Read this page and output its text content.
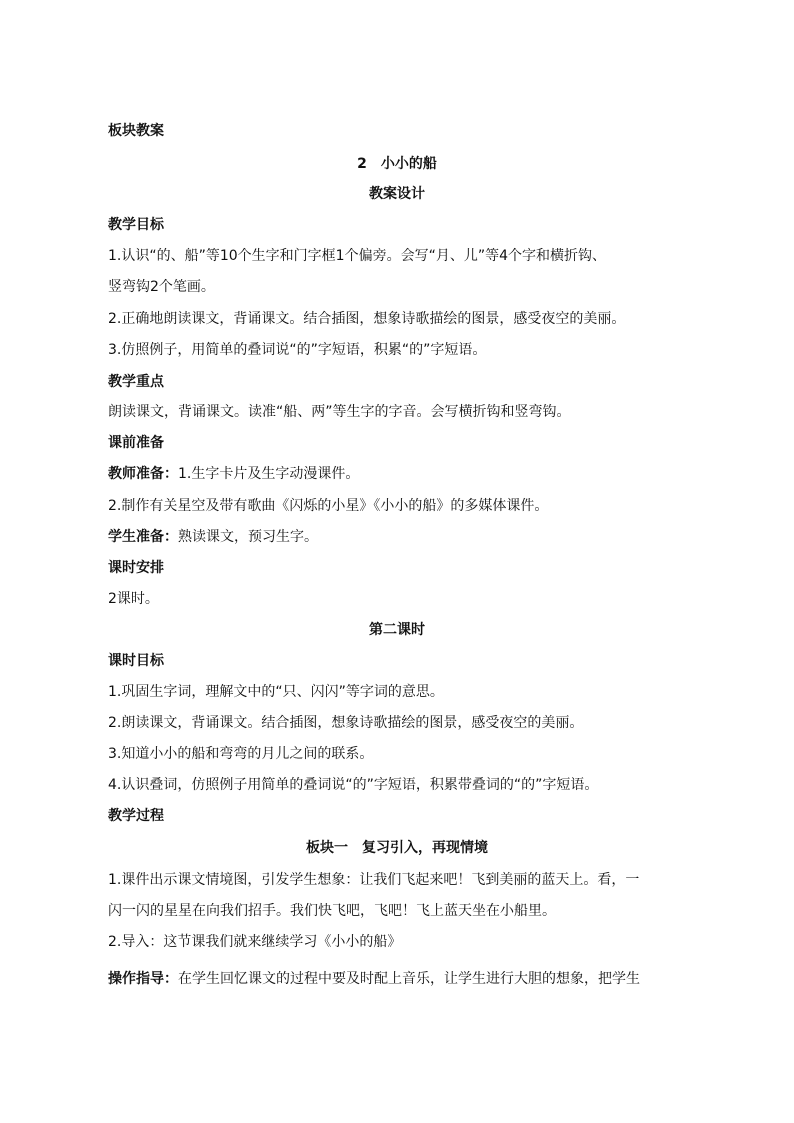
板块教案
2　小小的船
教案设计
教学目标
1.认识“的、船”等10个生字和门字框1个偏旁。会写“月、儿”等4个字和横折钩、
竖弯钩2个笔画。
2.正确地朗读课文，背诵课文。结合插图，想象诗歌描绘的图景，感受夜空的美丽。
3.仿照例子，用简单的叠词说“的”字短语，积累“的”字短语。
教学重点
朗读课文，背诵课文。读准“船、两”等生字的字音。会写横折钩和竖弯钩。
课前准备
教师准备：1.生字卡片及生字动漫课件。
2.制作有关星空及带有歌曲《闪烁的小星》《小小的船》的多媒体课件。
学生准备：熟读课文，预习生字。
课时安排
2课时。
第二课时
课时目标
1.巩固生字词，理解文中的“只、闪闪”等字词的意思。
2.朗读课文，背诵课文。结合插图，想象诗歌描绘的图景，感受夜空的美丽。
3.知道小小的船和弯弯的月儿之间的联系。
4.认识叠词，仿照例子用简单的叠词说“的”字短语，积累带叠词的“的”字短语。
教学过程
板块一　复习引入，再现情境
1.课件出示课文情境图，引发学生想象：让我们飞起来吧！飞到美丽的蓝天上。看，一
闪一闪的星星在向我们招手。我们快飞吧，飞吧！飞上蓝天坐在小船里。
2.导入：这节课我们就来继续学习《小小的船》
操作指导：在学生回忆课文的过程中要及时配上音乐，让学生进行大胆的想象，把学生
